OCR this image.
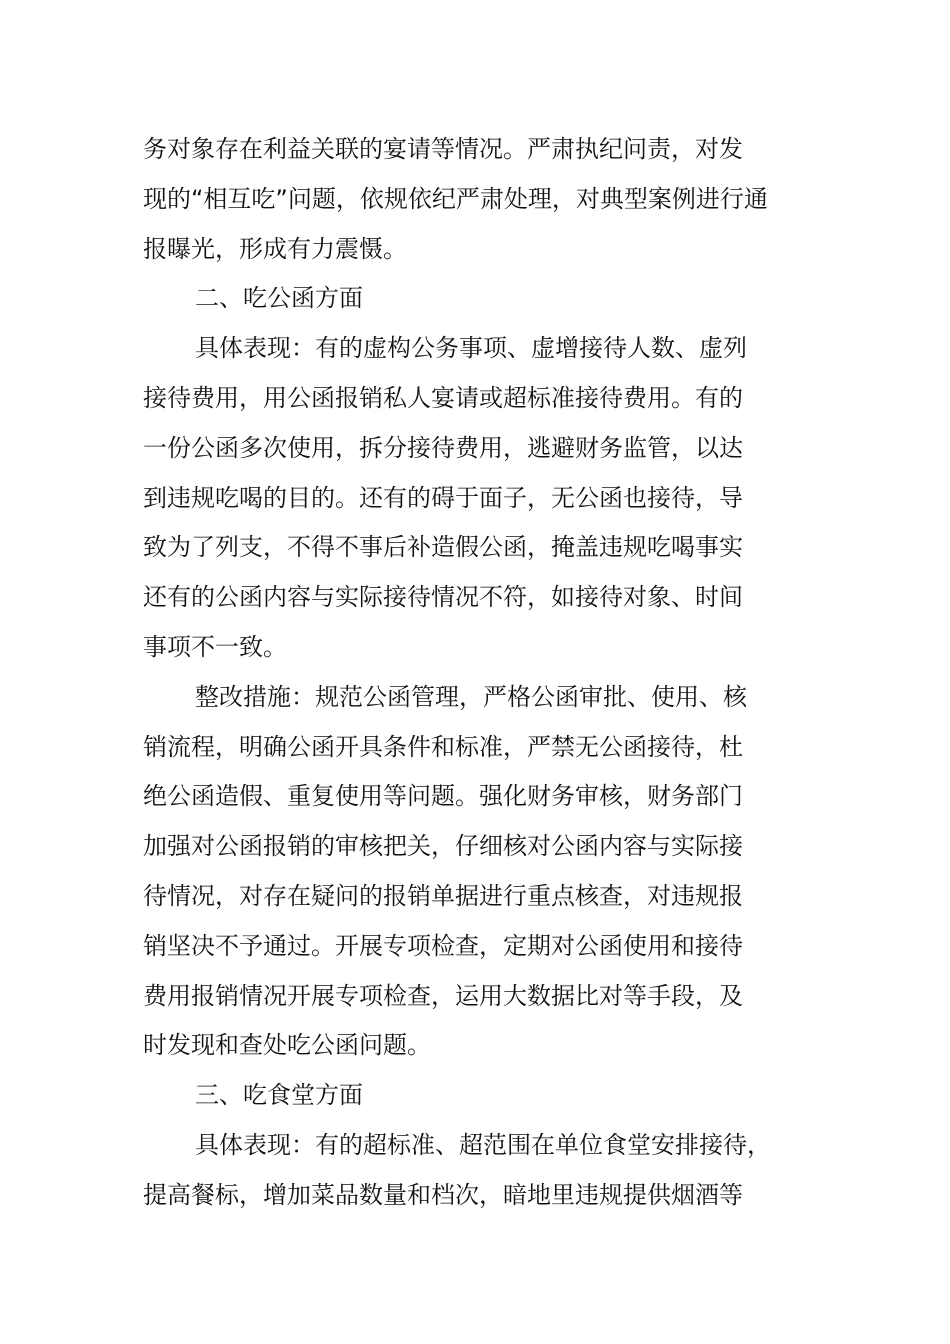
务对象存在利益关联的宴请等情况。严肃执纪问责，对发
现的“相互吃”问题，依规依纪严肃处理，对典型案例进行通
报曝光，形成有力震慑。
二、吃公函方面
具体表现：有的虚构公务事项、虚增接待人数、虚列
接待费用，用公函报销私人宴请或超标准接待费用。有的
一份公函多次使用，拆分接待费用，逃避财务监管，以达
到违规吃喝的目的。还有的碍于面子，无公函也接待，导
致为了列支，不得不事后补造假公函，掩盖违规吃喝事实
还有的公函内容与实际接待情况不符，如接待对象、时间
事项不一致。
整改措施：规范公函管理，严格公函审批、使用、核
销流程，明确公函开具条件和标准，严禁无公函接待，杜
绝公函造假、重复使用等问题。强化财务审核，财务部门
加强对公函报销的审核把关，仔细核对公函内容与实际接
待情况，对存在疑问的报销单据进行重点核查，对违规报
销坚决不予通过。开展专项检查，定期对公函使用和接待
费用报销情况开展专项检查，运用大数据比对等手段，及
时发现和查处吃公函问题。
三、吃食堂方面
具体表现：有的超标准、超范围在单位食堂安排接待，
提高餐标，增加菜品数量和档次，暗地里违规提供烟酒等
